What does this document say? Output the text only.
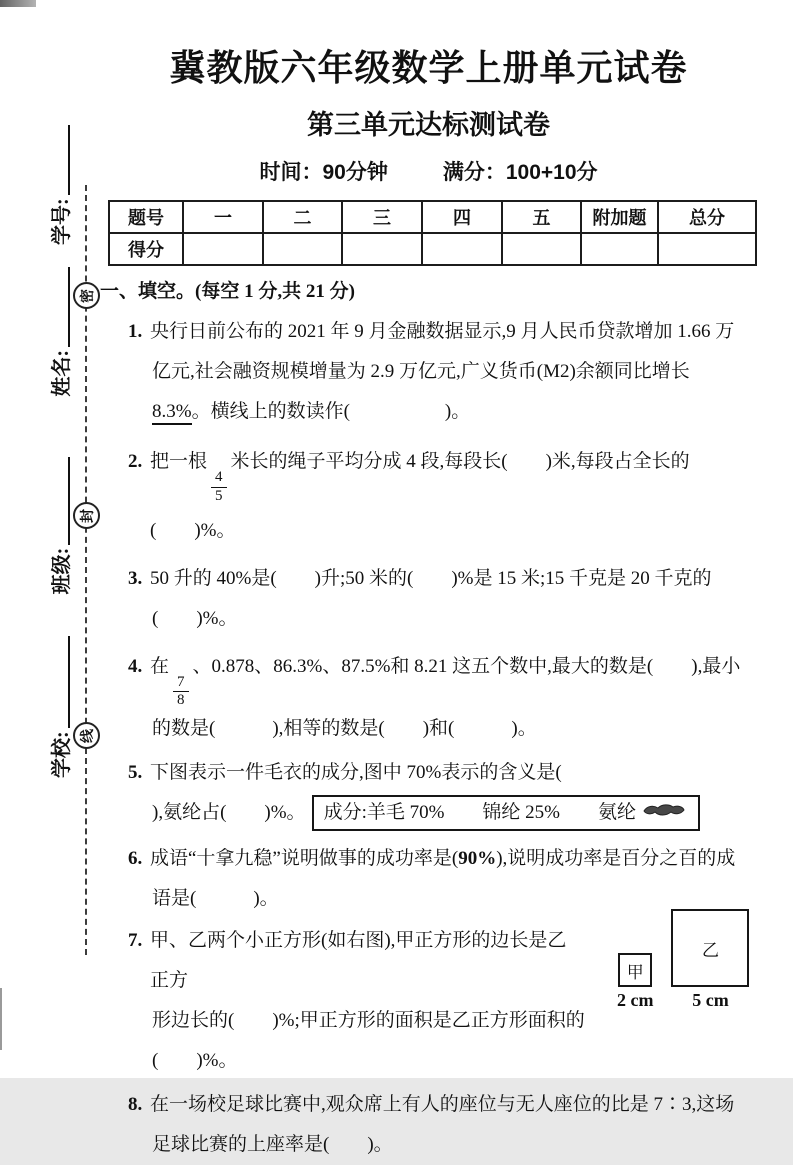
密
封
线
学校:
班级:
姓名:
学号:
冀教版六年级数学上册单元试卷
第三单元达标测试卷
时间：90分钟	满分：100+10分
题号	一	二	三	四	五	附加题	总分
得分							
一、填空。(每空 1 分,共 21 分)
1. 央行日前公布的 2021 年 9 月金融数据显示,9 月人民币贷款增加 1.66 万
亿元,社会融资规模增量为 2.9 万亿元,广义货币(M2)余额同比增长
8.3%。横线上的数读作(　　　　　)。
2. 把一根
$\frac{4}{5}$
米长的绳子平均分成 4 段,每段长(　　)米,每段占全长的(　　)%。
3. 50 升的 40%是(　　)升;50 米的(　　)%是 15 米;15 千克是 20 千克的
(　　)%。
4. 在
$\frac{7}{8}$
、0.878、86.3%、87.5%和 8.21 这五个数中,最大的数是(　　),最小
的数是(　　　),相等的数是(　　)和(　　　)。
5. 下图表示一件毛衣的成分,图中 70%表示的含义是(
),氨纶占(　　)%。 成分:羊毛 70% 锦纶 25% 氨纶
6. 成语“十拿九稳”说明做事的成功率是(90%),说明成功率是百分之百的成
语是(　　　)。
7. 甲、乙两个小正方形(如右图),甲正方形的边长是乙正方
形边长的(　　)%;甲正方形的面积是乙正方形面积的
(　　)%。
甲
2 cm
乙
5 cm
8. 在一场校足球比赛中,观众席上有人的座位与无人座位的比是 7∶3,这场
足球比赛的上座率是(　　)。
